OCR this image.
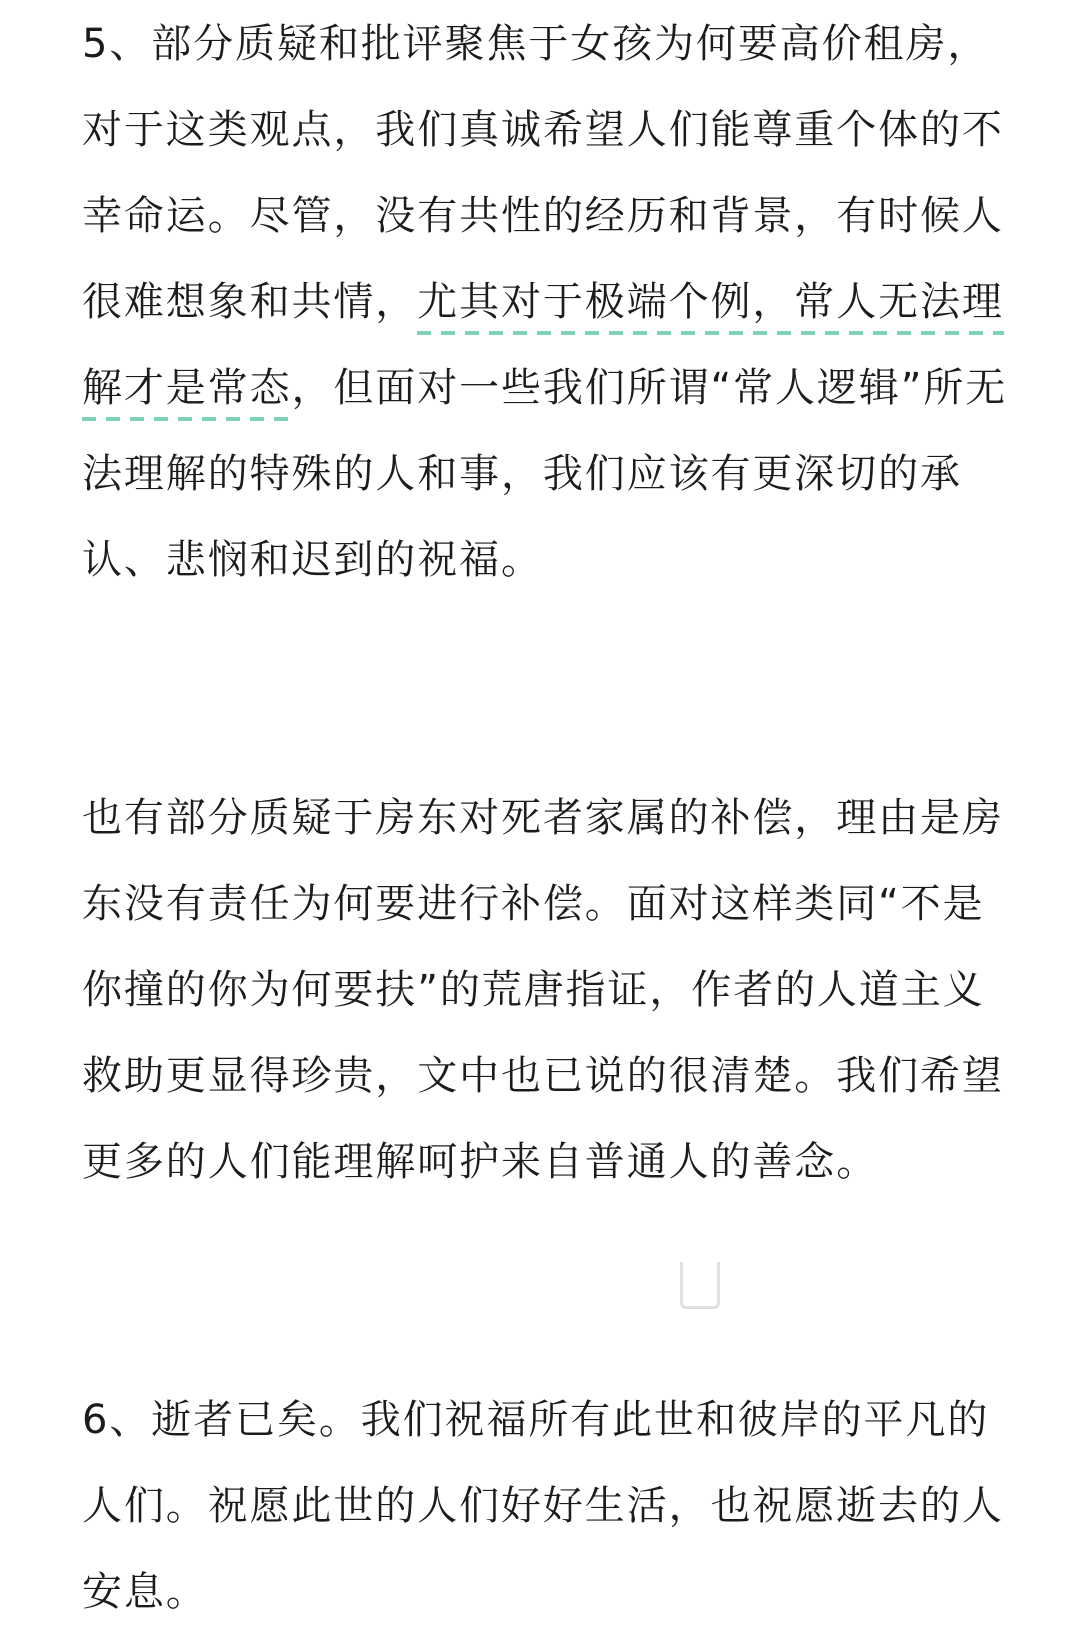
5、部分质疑和批评聚焦于女孩为何要高价租房，
对于这类观点，我们真诚希望人们能尊重个体的不
幸命运。尽管，没有共性的经历和背景，有时候人
很难想象和共情，尤其对于极端个例，常人无法理
解才是常态，但面对一些我们所谓“常人逻辑”所无
法理解的特殊的人和事，我们应该有更深切的承
认、悲悯和迟到的祝福。
也有部分质疑于房东对死者家属的补偿，理由是房
东没有责任为何要进行补偿。面对这样类同“不是
你撞的你为何要扶”的荒唐指证，作者的人道主义
救助更显得珍贵，文中也已说的很清楚。我们希望
更多的人们能理解呵护来自普通人的善念。
6、逝者已矣。我们祝福所有此世和彼岸的平凡的
人们。祝愿此世的人们好好生活，也祝愿逝去的人
安息。
